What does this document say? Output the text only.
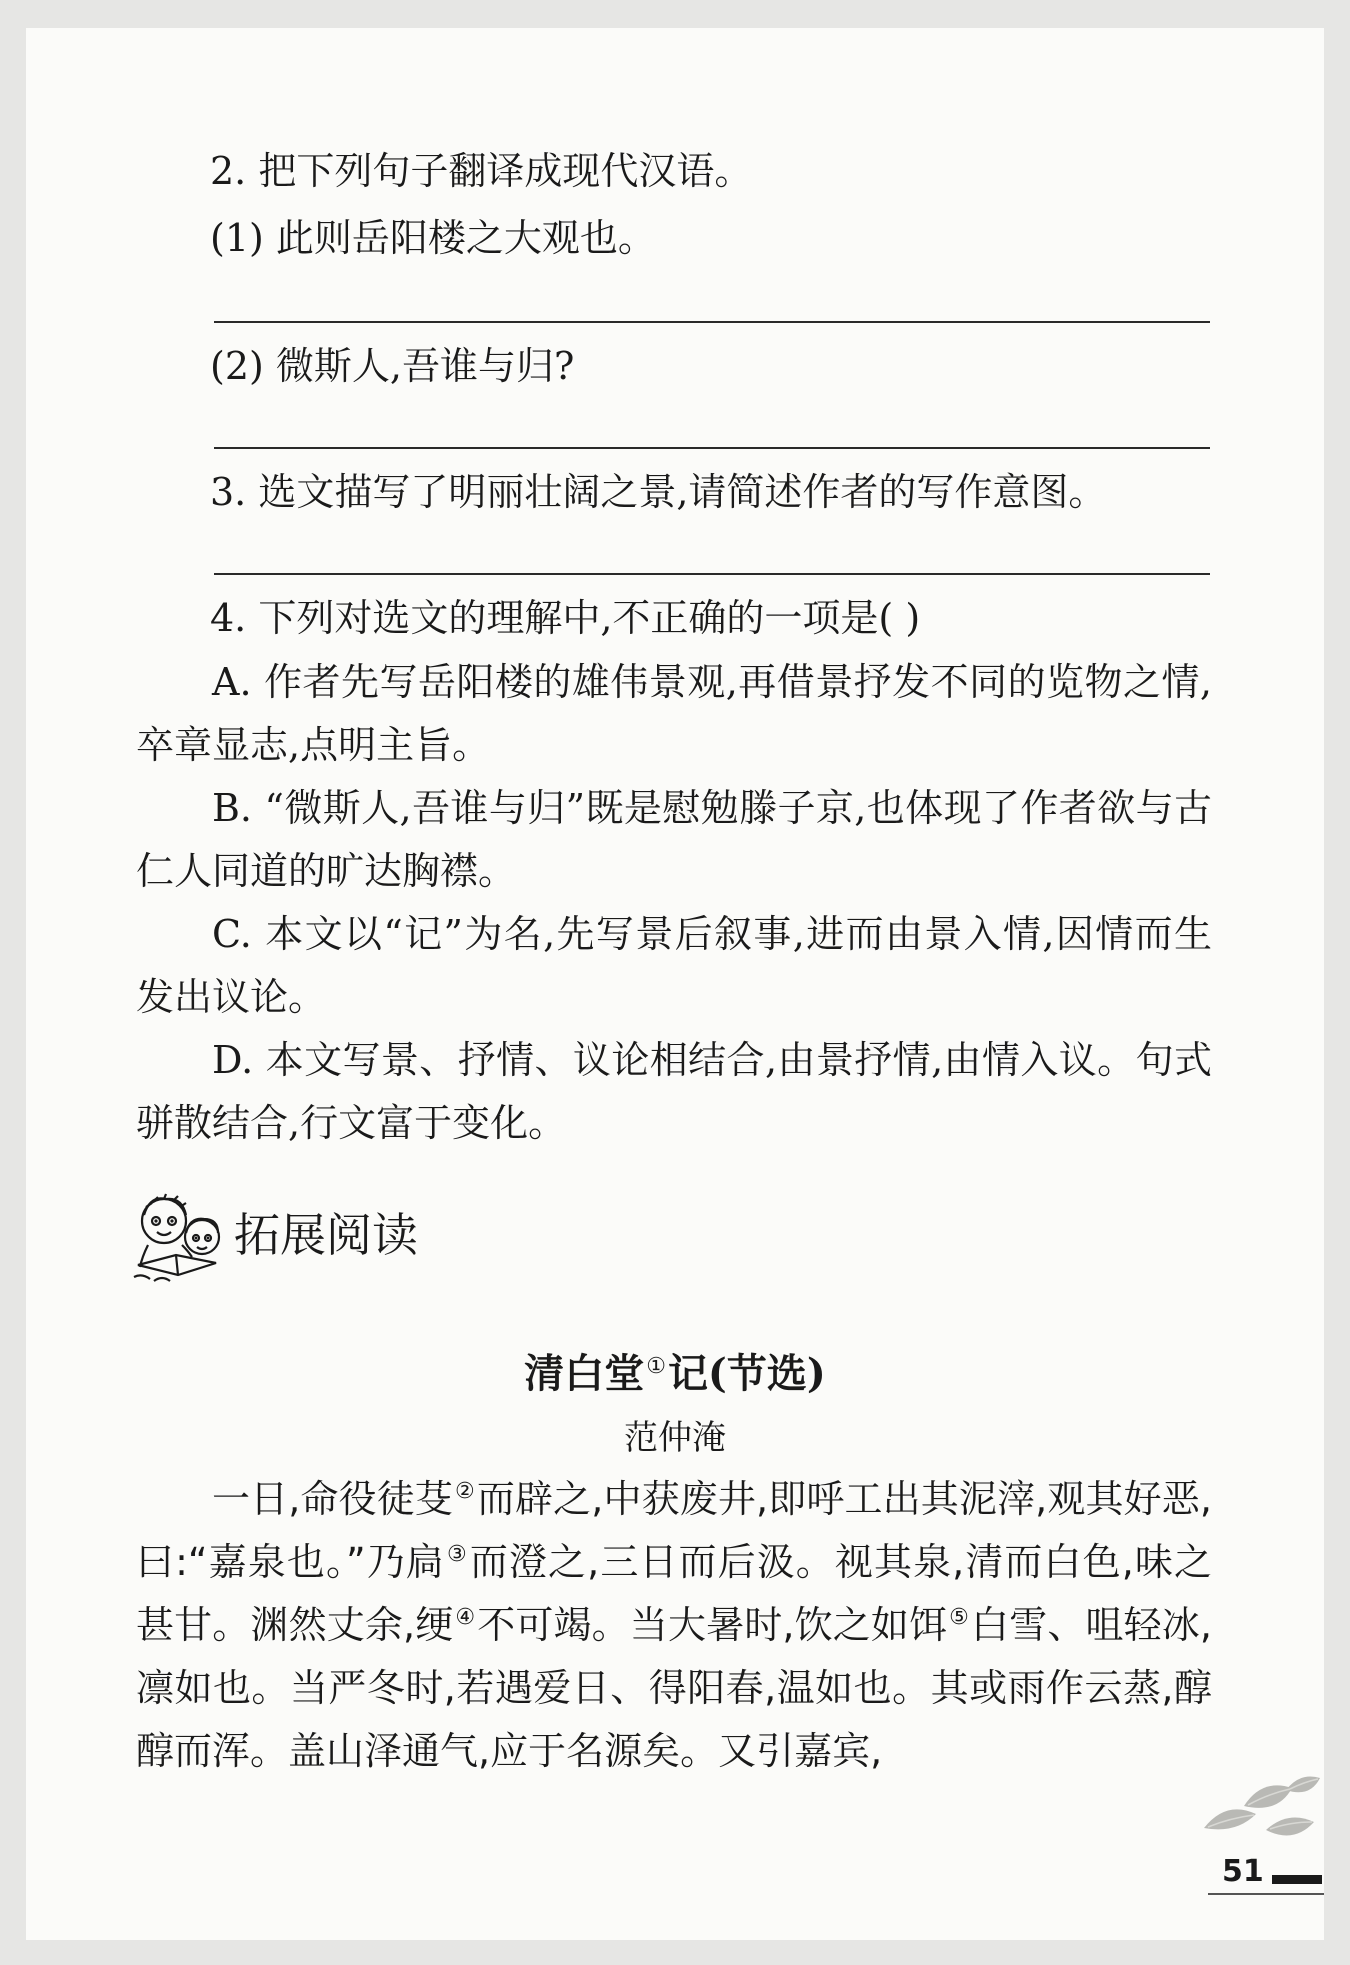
2. 把下列句子翻译成现代汉语。

(1) 此则岳阳楼之大观也。

(2) 微斯人,吾谁与归?

3. 选文描写了明丽壮阔之景,请简述作者的写作意图。

4. 下列对选文的理解中,不正确的一项是( )

A. 作者先写岳阳楼的雄伟景观,再借景抒发不同的览物之情,卒章显志,点明主旨。

B. “微斯人,吾谁与归”既是慰勉滕子京,也体现了作者欲与古仁人同道的旷达胸襟。

C. 本文以“记”为名,先写景后叙事,进而由景入情,因情而生发出议论。

D. 本文写景、抒情、议论相结合,由景抒情,由情入议。句式骈散结合,行文富于变化。

拓展阅读

清白堂①记(节选)

范仲淹

一日,命役徒芟②而辟之,中获废井,即呼工出其泥滓,观其好恶,曰:“嘉泉也。”乃扃③而澄之,三日而后汲。视其泉,清而白色,味之甚甘。渊然丈余,绠④不可竭。当大暑时,饮之如饵⑤白雪、咀轻冰,凛如也。当严冬时,若遇爱日、得阳春,温如也。其或雨作云蒸,醇醇而浑。盖山泽通气,应于名源矣。又引嘉宾,

51
